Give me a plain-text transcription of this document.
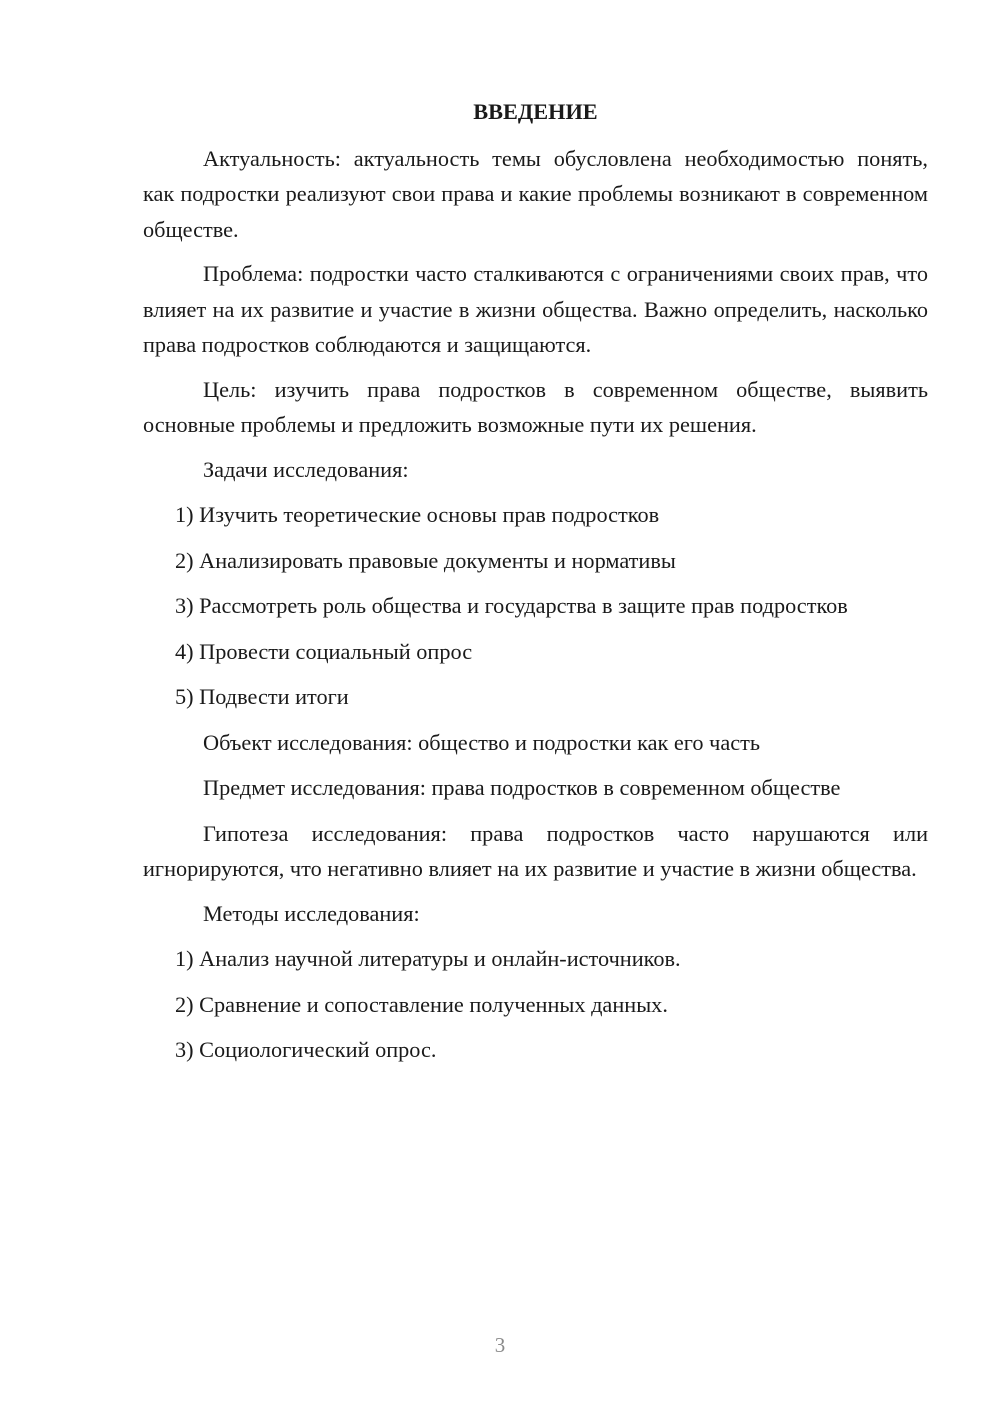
ВВЕДЕНИЕ

Актуальность: актуальность темы обусловлена необходимостью понять, как подростки реализуют свои права и какие проблемы возникают в современном обществе.

Проблема: подростки часто сталкиваются с ограничениями своих прав, что влияет на их развитие и участие в жизни общества. Важно определить, насколько права подростков соблюдаются и защищаются.

Цель: изучить права подростков в современном обществе, выявить основные проблемы и предложить возможные пути их решения.

Задачи исследования:

1) Изучить теоретические основы прав подростков

2) Анализировать правовые документы и нормативы

3) Рассмотреть роль общества и государства в защите прав подростков

4) Провести социальный опрос

5) Подвести итоги

Объект исследования: общество и подростки как его часть

Предмет исследования: права подростков в современном обществе

Гипотеза исследования: права подростков часто нарушаются или игнорируются, что негативно влияет на их развитие и участие в жизни общества.

Методы исследования:

1) Анализ научной литературы и онлайн-источников.

2) Сравнение и сопоставление полученных данных.

3) Социологический опрос.

3
